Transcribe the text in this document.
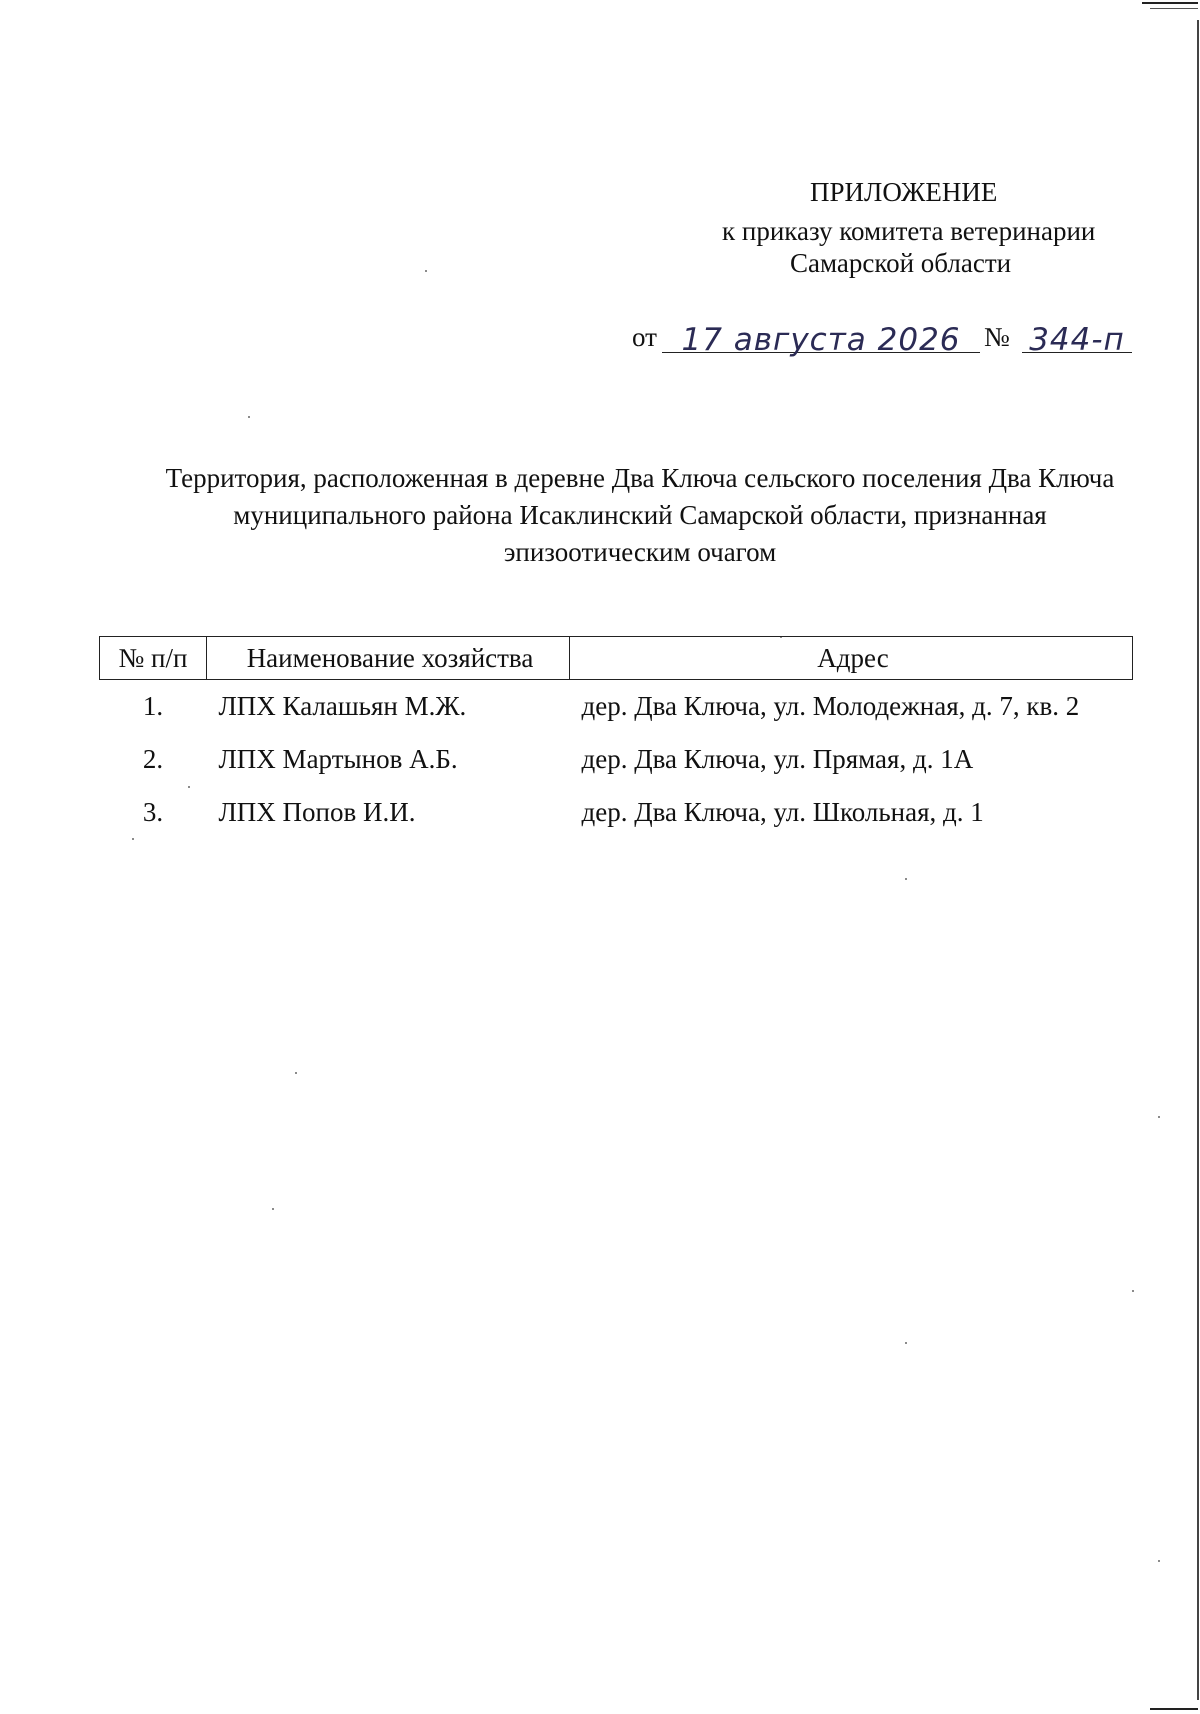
ПРИЛОЖЕНИЕ
к приказу комитета ветеринарии
Самарской области
от 17 августа 2026 № 344-п
Территория, расположенная в деревне Два Ключа сельского поселения Два Ключа муниципального района Исаклинский Самарской области, признанная эпизоотическим очагом
№ п/п	Наименование хозяйства	Адрес
1.	ЛПХ Калашьян М.Ж.	дер. Два Ключа, ул. Молодежная, д. 7, кв. 2
2.	ЛПХ Мартынов А.Б.	дер. Два Ключа, ул. Прямая, д. 1А
3.	ЛПХ Попов И.И.	дер. Два Ключа, ул. Школьная, д. 1
